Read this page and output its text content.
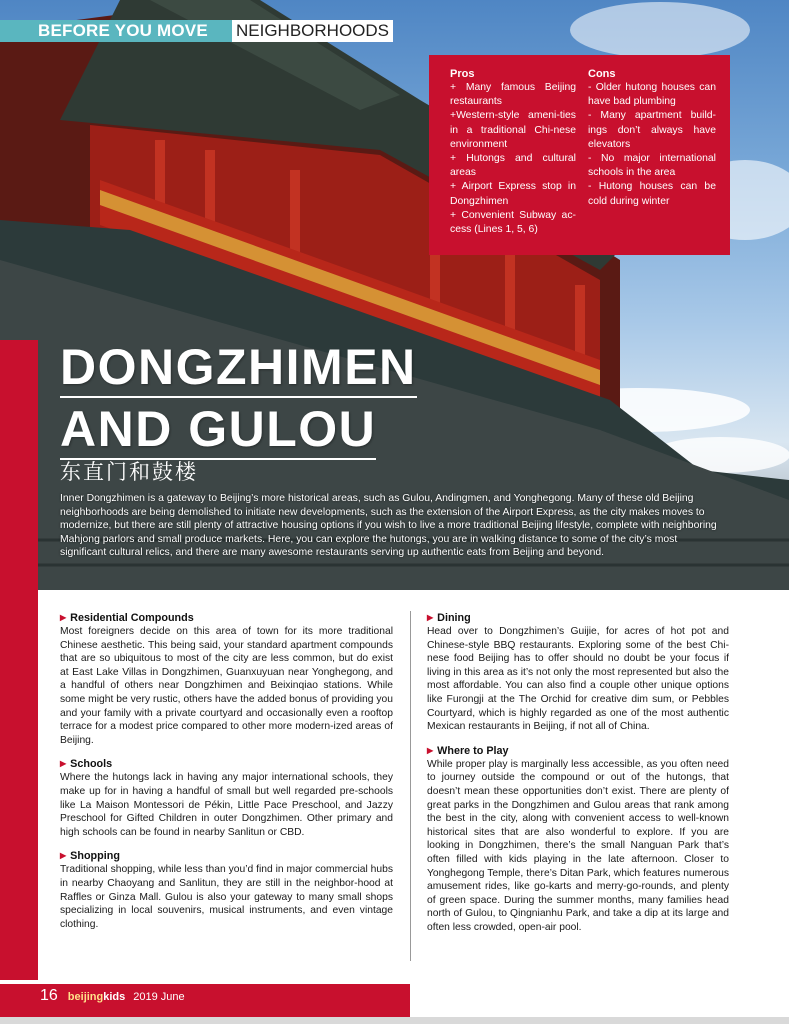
BEFORE YOU MOVE	NEIGHBORHOODS
Pros
+ Many famous Beijing restaurants
+Western-style ameni-ties in a traditional Chi-nese environment
+ Hutongs and cultural areas
+ Airport Express stop in Dongzhimen
+ Convenient Subway ac-cess (Lines 1, 5, 6)
Cons
- Older hutong houses can have bad plumbing
- Many apartment build-ings don’t always have elevators
- No major international schools in the area
- Hutong houses can be cold during winter
DONGZHIMEN
AND GULOU
东直门和鼓楼
Inner Dongzhimen is a gateway to Beijing’s more historical areas, such as Gulou, Andingmen, and Yonghegong. Many of these old Beijing neighborhoods are being demolished to initiate new developments, such as the extension of the Airport Express, as the city makes moves to modernize, but there are still plenty of attractive housing options if you wish to live a more traditional Beijing lifestyle, complete with neighboring Mahjong parlors and small produce markets. Here, you can explore the hutongs, you are in walking distance to some of the city’s most significant cultural relics, and there are many awesome restaurants serving up authentic eats from Beijing and beyond.
▶ Residential Compounds

Most foreigners decide on this area of town for its more traditional Chinese aesthetic. This being said, your standard apartment compounds that are so ubiquitous to most of the city are less common, but do exist at East Lake Villas in Dongzhimen, Guanxuyuan near Yonghegong, and a handful of others near Dongzhimen and Beixinqiao stations. While some might be very rustic, others have the added bonus of providing you and your family with a private courtyard and occasionally even a rooftop terrace for a modest price compared to other more modern-ized areas of Beijing.

▶ Schools

Where the hutongs lack in having any major international schools, they make up for in having a handful of small but well regarded pre-schools like La Maison Montessori de Pékin, Little Pace Preschool, and Jazzy Preschool for Gifted Children in outer Dongzhimen. Other primary and high schools can be found in nearby Sanlitun or CBD.

▶ Shopping

Traditional shopping, while less than you’d find in major commercial hubs in nearby Chaoyang and Sanlitun, they are still in the neighbor-hood at Raffles or Ginza Mall. Gulou is also your gateway to many small shops specializing in local souvenirs, musical instruments, and even vintage clothing.

▶ Dining

Head over to Dongzhimen’s Guijie, for acres of hot pot and Chinese-style BBQ restaurants. Exploring some of the best Chi-nese food Beijing has to offer should no doubt be your focus if living in this area as it’s not only the most represented but also the most affordable. You can also find a couple other unique options like Furongji at the The Orchid for creative dim sum, or Pebbles Courtyard, which is highly regarded as one of the most authentic Mexican restaurants in Beijing, if not all of China.

▶ Where to Play

While proper play is marginally less accessible, as you often need to journey outside the compound or out of the hutongs, that doesn’t mean these opportunities don’t exist. There are plenty of great parks in the Dongzhimen and Gulou areas that rank among the best in the city, along with convenient access to well-known historical sites that are also wonderful to explore. If you are looking in Dongzhimen, there’s the small Nanguan Park that’s often filled with kids playing in the late afternoon. Closer to Yonghegong Temple, there’s Ditan Park, which features numerous amusement rides, like go-karts and merry-go-rounds, and plenty of green space. During the summer months, many families head north of Gulou, to Qingnianhu Park, and take a dip at its large and often less crowded, open-air pool.

16 beijingkids 2019 June
